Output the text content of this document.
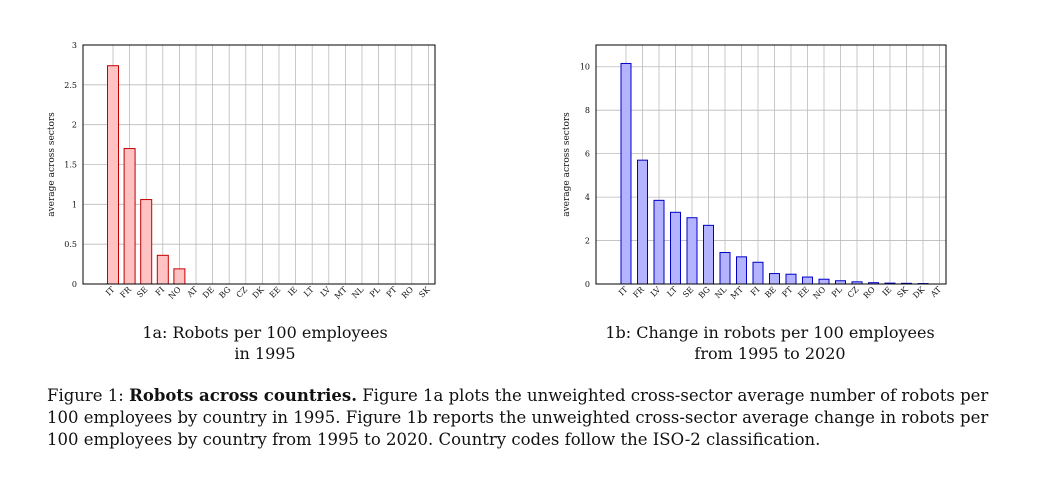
0
0.5
1
1.5
2
2.5
3
IT FR SE FI NO AT DE BG CZ DK EE IE LT LV MT NL PL PT RO SK
average across sectors
0
2
4
6
8
10
IT FR LV LT SE BG NL MT FI BE PT EE NO PL CZ RO IE SK DK AT
average across sectors
1a: Robots per 100 employees
in 1995
1b: Change in robots per 100 employees
from 1995 to 2020
Figure 1: Robots across countries. Figure 1a plots the unweighted cross-sector average number of robots per 100 employees by country in 1995. Figure 1b reports the unweighted cross-sector average change in robots per 100 employees by country from 1995 to 2020. Country codes follow the ISO-2 classification.
